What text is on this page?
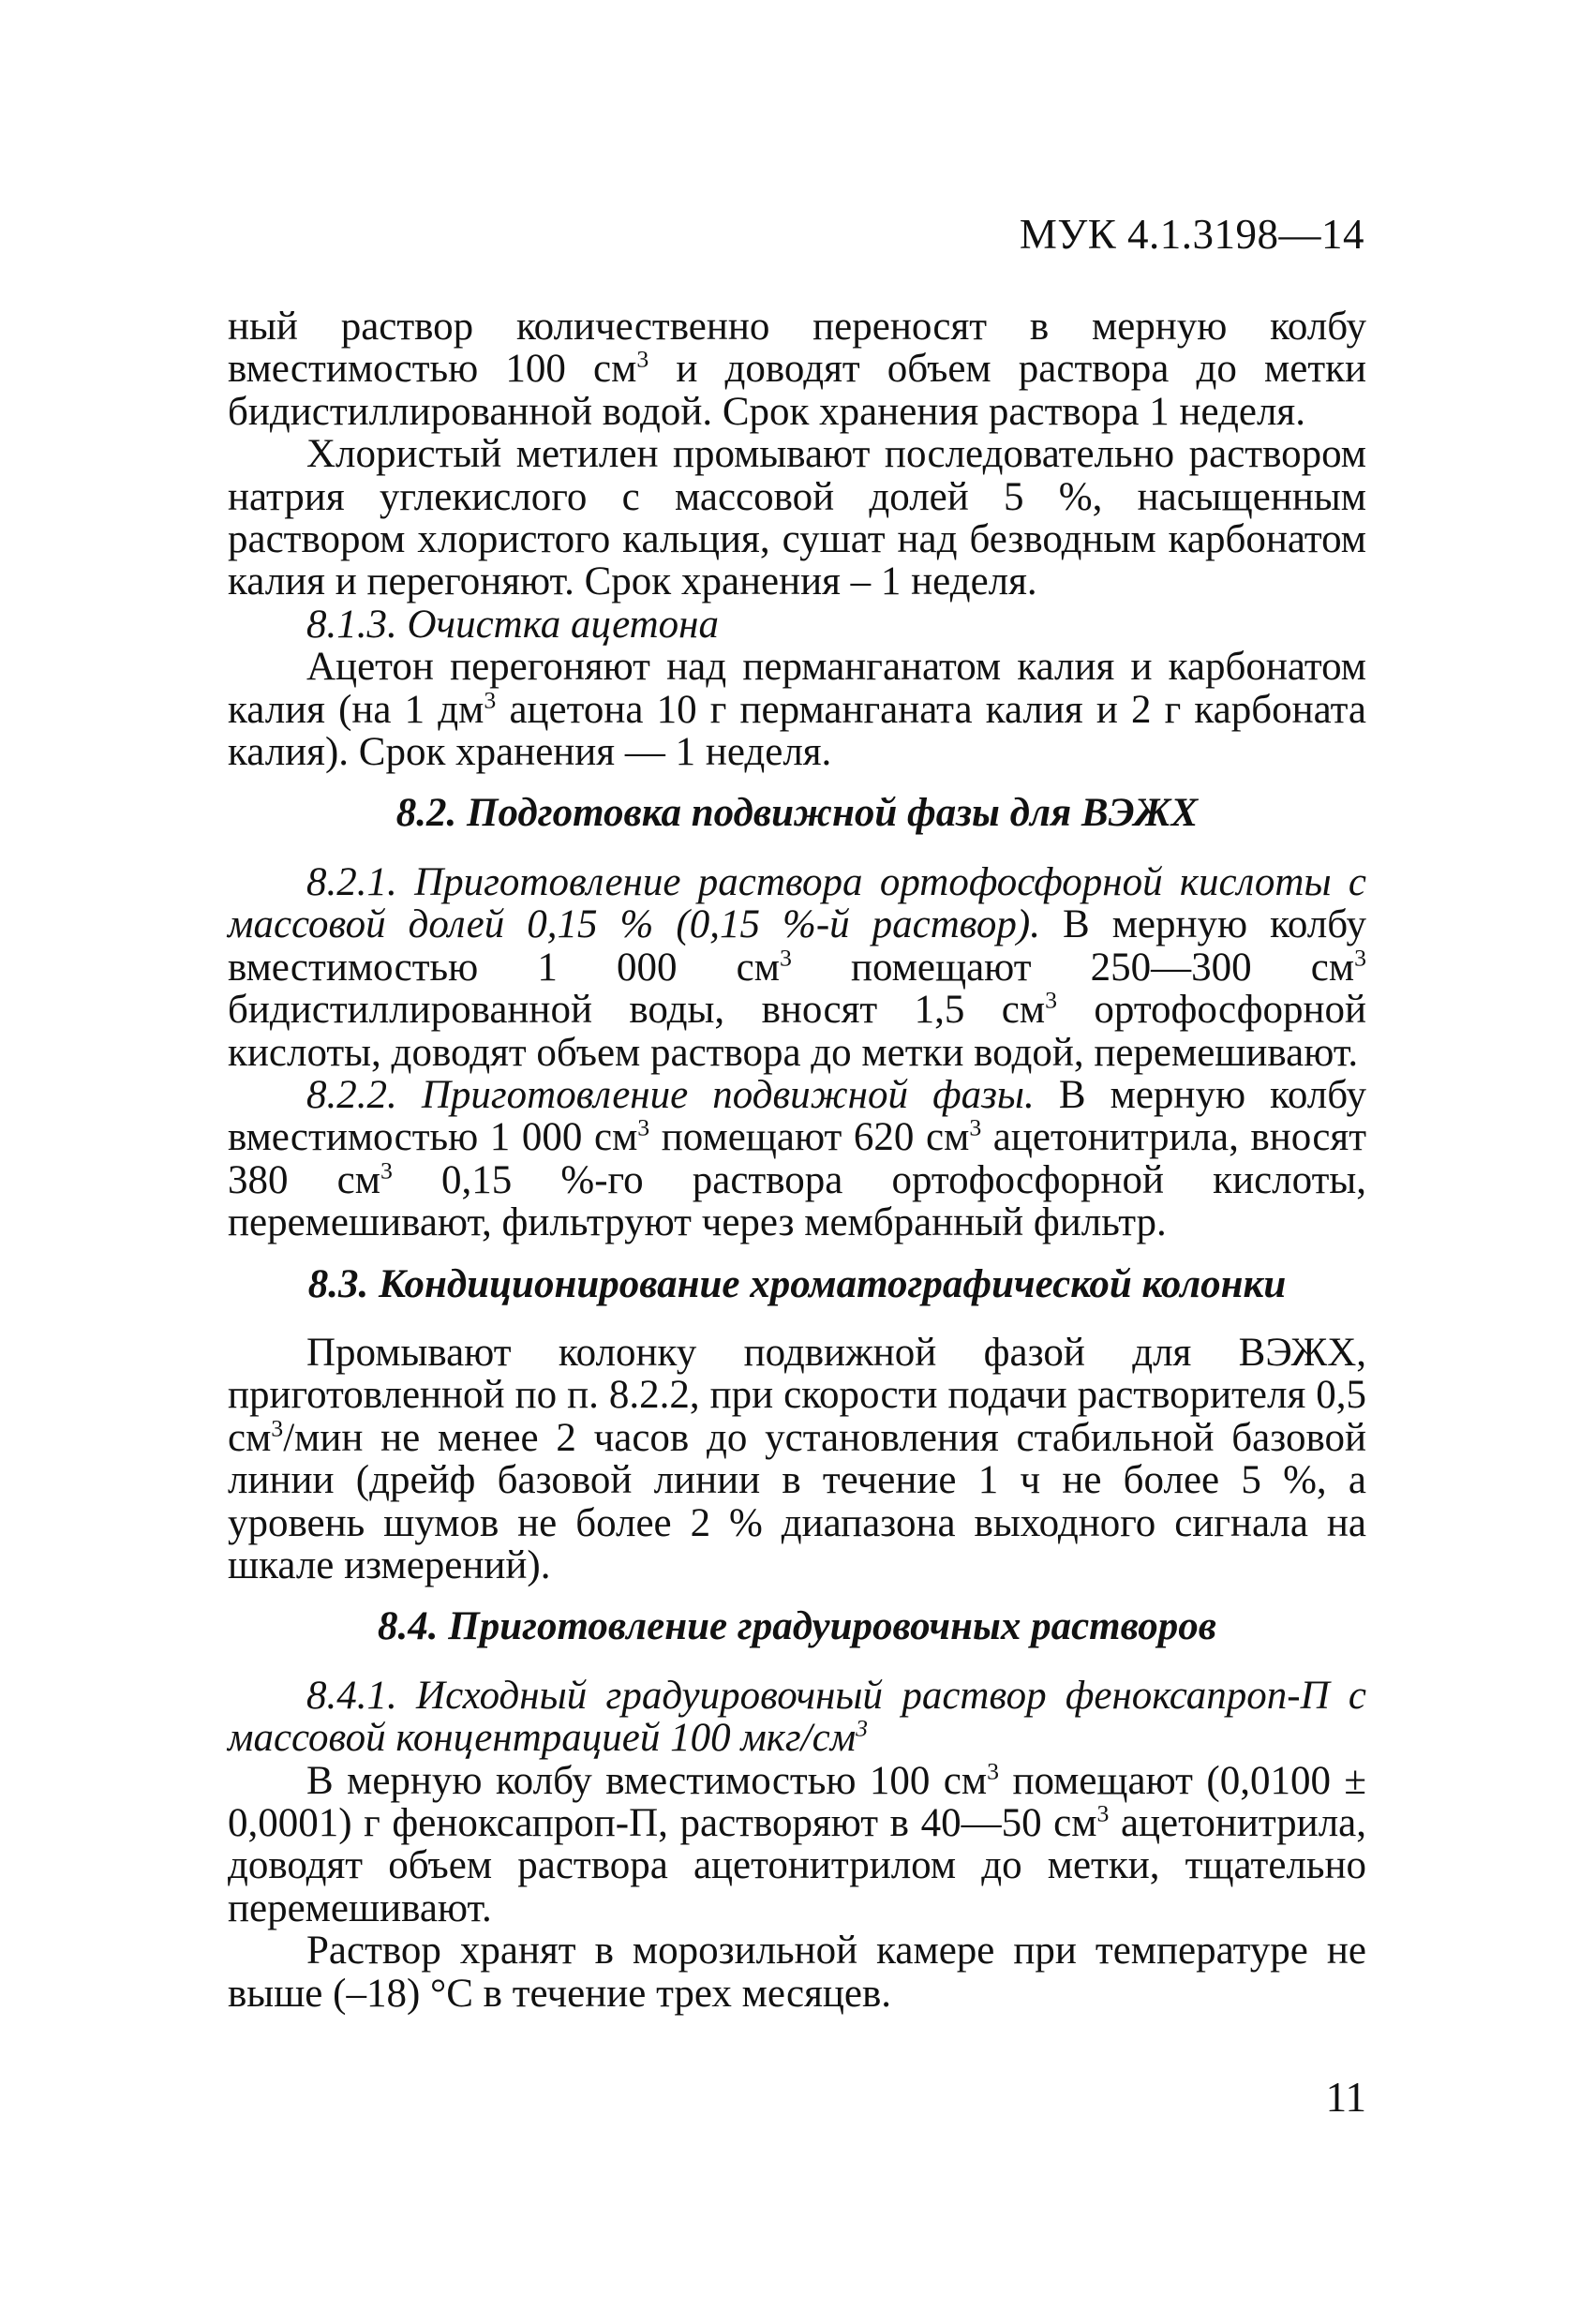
МУК 4.1.3198—14

ный раствор количественно переносят в мерную колбу вместимостью 100 $см^3$ и доводят объем раствора до метки бидистиллированной водой. Срок хранения раствора 1 неделя.

Хлористый метилен промывают последовательно раствором натрия углекислого с массовой долей 5 %, насыщенным раствором хлористого кальция, сушат над безводным карбонатом калия и перегоняют. Срок хранения – 1 неделя.

8.1.3. Очистка ацетона

Ацетон перегоняют над перманганатом калия и карбонатом калия (на 1 $дм^3$ ацетона 10 г перманганата калия и 2 г карбоната калия). Срок хранения — 1 неделя.

8.2. Подготовка подвижной фазы для ВЭЖХ

8.2.1. Приготовление раствора ортофосфорной кислоты с массовой долей 0,15 % (0,15 %-й раствор). В мерную колбу вместимостью 1 000 $см^3$ помещают 250—300 $см^3$ бидистиллированной воды, вносят 1,5 $см^3$ ортофосфорной кислоты, доводят объем раствора до метки водой, перемешивают.

8.2.2. Приготовление подвижной фазы. В мерную колбу вместимостью 1 000 $см^3$ помещают 620 $см^3$ ацетонитрила, вносят 380 $см^3$ 0,15 %-го раствора ортофосфорной кислоты, перемешивают, фильтруют через мембранный фильтр.

8.3. Кондиционирование хроматографической колонки

Промывают колонку подвижной фазой для ВЭЖХ, приготовленной по п. 8.2.2, при скорости подачи растворителя 0,5 $см^3$/мин не менее 2 часов до установления стабильной базовой линии (дрейф базовой линии в течение 1 ч не более 5 %, а уровень шумов не более 2 % диапазона выходного сигнала на шкале измерений).

8.4. Приготовление градуировочных растворов

8.4.1. Исходный градуировочный раствор феноксапроп-П с массовой концентрацией 100 мкг/$см^3$

В мерную колбу вместимостью 100 $см^3$ помещают (0,0100 ± 0,0001) г феноксапроп-П, растворяют в 40—50 $см^3$ ацетонитрила, доводят объем раствора ацетонитрилом до метки, тщательно перемешивают.

Раствор хранят в морозильной камере при температуре не выше (–18) °С в течение трех месяцев.

11
